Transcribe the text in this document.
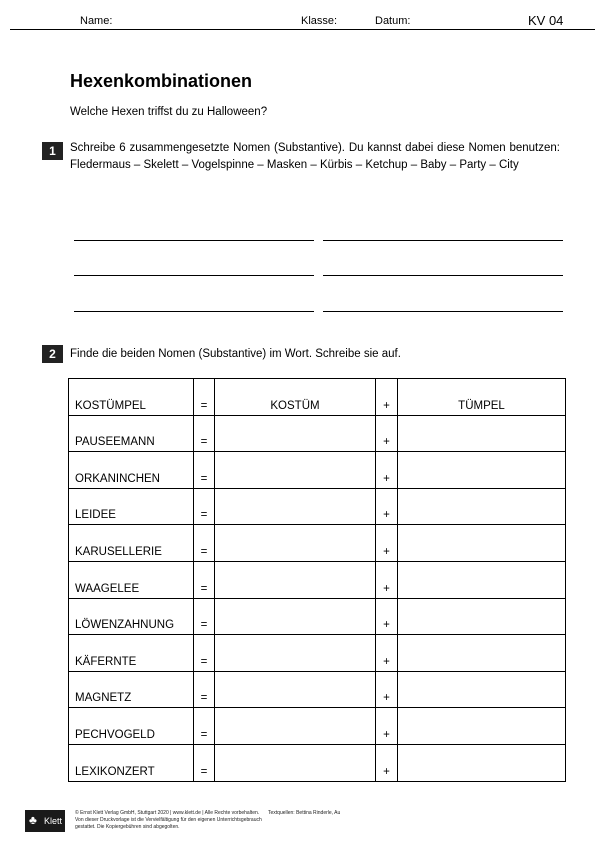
Name:	Klasse:	Datum:	KV 04
Hexenkombinationen
Welche Hexen triffst du zu Halloween?
1	Schreibe 6 zusammengesetzte Nomen (Substantive). Du kannst dabei diese Nomen benutzen: Fledermaus – Skelett – Vogelspinne – Masken – Kürbis – Ketchup – Baby – Party – City
2	Finde die beiden Nomen (Substantive) im Wort. Schreibe sie auf.
KOSTÜMPEL	=	KOSTÜM	+	TÜMPEL
PAUSEEMANN	=		+	
ORKANINCHEN	=		+	
LEIDEE	=		+	
KARUSELLERIE	=		+	
WAAGELEE	=		+	
LÖWENZAHNUNG	=		+	
KÄFERNTE	=		+	
MAGNETZ	=		+	
PECHVOGELD	=		+	
LEXIKONZERT	=		+	
♣ Klett
© Ernst Klett Verlag GmbH, Stuttgart 2020 | www.klett.de | Alle Rechte vorbehalten. Von dieser Druckvorlage ist die Vervielfältigung für den eigenen Unterrichtsgebrauch gestattet. Die Kopiergebühren sind abgegolten.
Textquellen: Bettina Rinderle, Au
